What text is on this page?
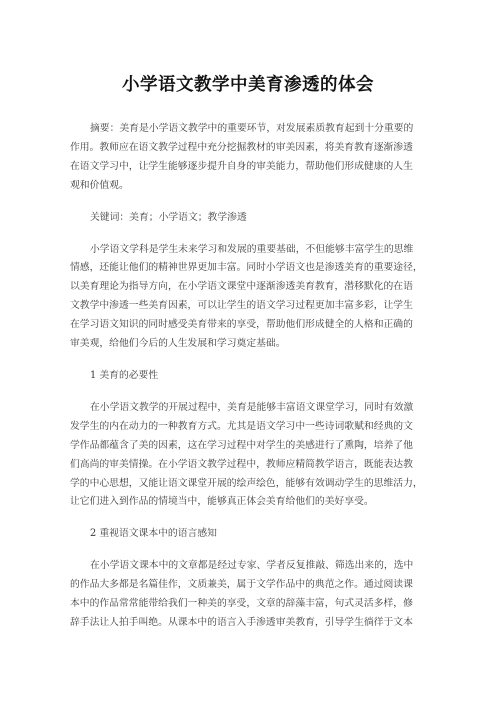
小学语文教学中美育渗透的体会
摘要：美育是小学语文教学中的重要环节，对发展素质教育起到十分重要的
作用。教师应在语文教学过程中充分挖掘教材的审美因素，将美育教育逐渐渗透
在语文学习中，让学生能够逐步提升自身的审美能力，帮助他们形成健康的人生
观和价值观。
关键词：美育；小学语文；教学渗透
小学语文学科是学生未来学习和发展的重要基础，不但能够丰富学生的思维
情感，还能让他们的精神世界更加丰富。同时小学语文也是渗透美育的重要途径，
以美育理论为指导方向，在小学语文课堂中逐渐渗透美育教育，潜移默化的在语
文教学中渗透一些美育因素，可以让学生的语文学习过程更加丰富多彩，让学生
在学习语文知识的同时感受美育带来的享受，帮助他们形成健全的人格和正确的
审美观，给他们今后的人生发展和学习奠定基础。
1 美育的必要性
在小学语文教学的开展过程中，美育是能够丰富语文课堂学习，同时有效激
发学生的内在动力的一种教育方式。尤其是语文学习中一些诗词歌赋和经典的文
学作品都蕴含了美的因素，这在学习过程中对学生的美感进行了熏陶，培养了他
们高尚的审美情操。在小学语文教学过程中，教师应精简教学语言，既能表达教
学的中心思想，又能让语文课堂开展的绘声绘色，能够有效调动学生的思维活力，
让它们进入到作品的情境当中，能够真正体会美育给他们的美好享受。
2 重视语文课本中的语言感知
在小学语文课本中的文章都是经过专家、学者反复推敲、筛选出来的，选中
的作品大多都是名篇佳作，文质兼美，属于文学作品中的典范之作。通过阅读课
本中的作品常常能带给我们一种美的享受，文章的辞藻丰富，句式灵活多样，修
辞手法让人拍手叫绝。从课本中的语言入手渗透审美教育，引导学生徜徉于文本
